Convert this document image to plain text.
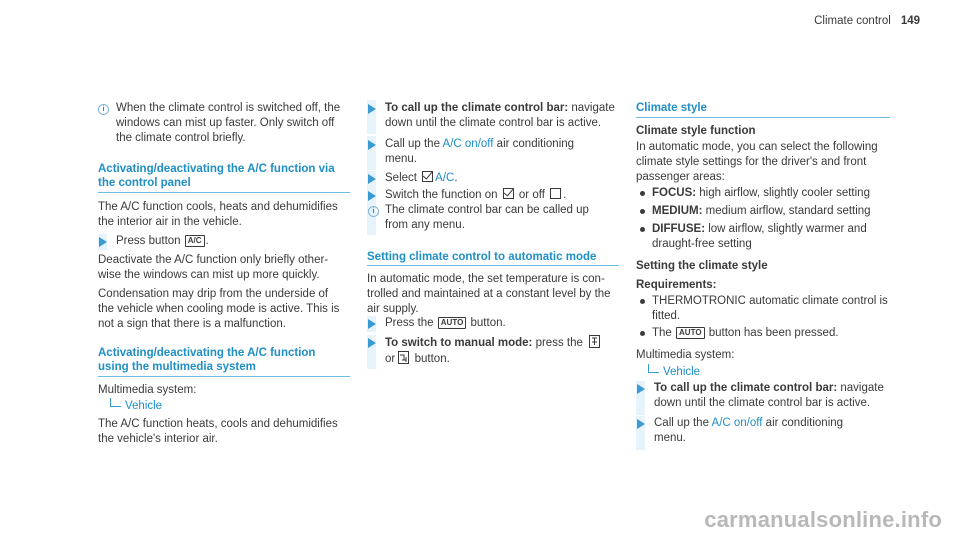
Climate control 149
i	When the climate control is switched off, the
windows can mist up faster. Only switch off
the climate control briefly.
Activating/deactivating the A/C function via
the control panel
The A/C function cools, heats and dehumidifies
the interior air in the vehicle.
Press button A/C .
Deactivate the A/C function only briefly other-
wise the windows can mist up more quickly.
Condensation may drip from the underside of
the vehicle when cooling mode is active. This is
not a sign that there is a malfunction.
Activating/deactivating the A/C function
using the multimedia system
Multimedia system:
Vehicle
The A/C function heats, cools and dehumidifies
the vehicle's interior air.
To call up the climate control bar: navigate
down until the climate control bar is active.
Call up the A/C on/off air conditioning
menu.
Select A/C.
Switch the function on  or off .
i The climate control bar can be called up
from any menu.
Setting climate control to automatic mode
In automatic mode, the set temperature is con-
trolled and maintained at a constant level by the
air supply.
Press the AUTO button.
To switch to manual mode: press the
or  button.
Climate style
Climate style function
In automatic mode, you can select the following
climate style settings for the driver's and front
passenger areas:
FOCUS: high airflow, slightly cooler setting
MEDIUM: medium airflow, standard setting
DIFFUSE: low airflow, slightly warmer and
draught-free setting
Setting the climate style
Requirements:
THERMOTRONIC automatic climate control is
fitted.
The AUTO button has been pressed.
Multimedia system:
Vehicle
To call up the climate control bar: navigate
down until the climate control bar is active.
Call up the A/C on/off air conditioning
menu.
carmanualsonline.info
